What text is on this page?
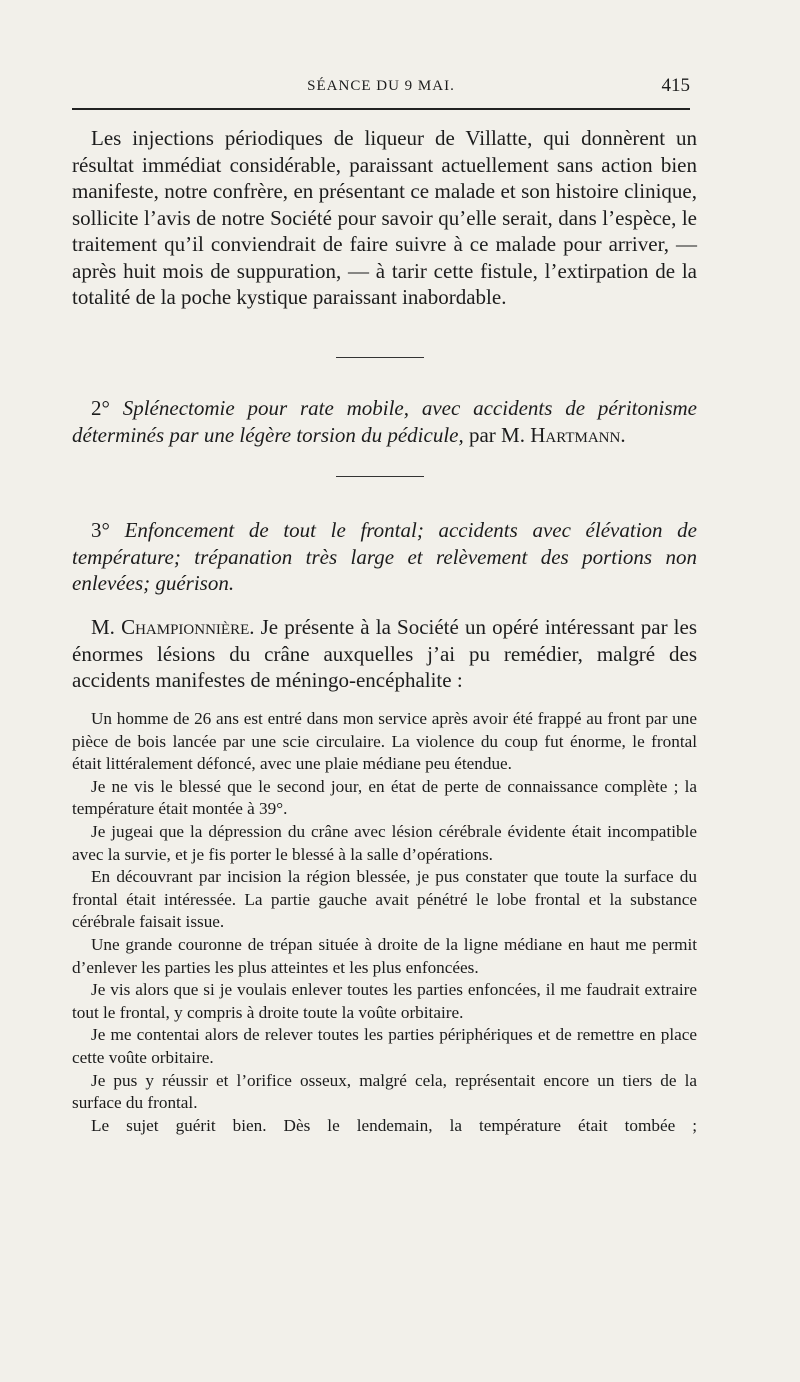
SÉANCE DU 9 MAI.	415

Les injections périodiques de liqueur de Villatte, qui donnèrent un résultat immédiat considérable, paraissant actuellement sans action bien manifeste, notre confrère, en présentant ce malade et son histoire clinique, sollicite l’avis de notre Société pour savoir qu’elle serait, dans l’espèce, le traitement qu’il conviendrait de faire suivre à ce malade pour arriver, — après huit mois de suppuration, — à tarir cette fistule, l’extirpation de la totalité de la poche kystique paraissant inabordable.

2° Splénectomie pour rate mobile, avec accidents de péritonisme déterminés par une légère torsion du pédicule, par M. Hartmann.

3° Enfoncement de tout le frontal; accidents avec élévation de température; trépanation très large et relèvement des portions non enlevées; guérison.

M. Championnière. Je présente à la Société un opéré intéressant par les énormes lésions du crâne auxquelles j’ai pu remédier, malgré des accidents manifestes de méningo-encéphalite :

Un homme de 26 ans est entré dans mon service après avoir été frappé au front par une pièce de bois lancée par une scie circulaire. La violence du coup fut énorme, le frontal était littéralement défoncé, avec une plaie médiane peu étendue.

Je ne vis le blessé que le second jour, en état de perte de connaissance complète ; la température était montée à 39°.

Je jugeai que la dépression du crâne avec lésion cérébrale évidente était incompatible avec la survie, et je fis porter le blessé à la salle d’opérations.

En découvrant par incision la région blessée, je pus constater que toute la surface du frontal était intéressée. La partie gauche avait pénétré le lobe frontal et la substance cérébrale faisait issue.

Une grande couronne de trépan située à droite de la ligne médiane en haut me permit d’enlever les parties les plus atteintes et les plus enfoncées.

Je vis alors que si je voulais enlever toutes les parties enfoncées, il me faudrait extraire tout le frontal, y compris à droite toute la voûte orbitaire.

Je me contentai alors de relever toutes les parties périphériques et de remettre en place cette voûte orbitaire.

Je pus y réussir et l’orifice osseux, malgré cela, représentait encore un tiers de la surface du frontal.

Le sujet guérit bien. Dès le lendemain, la température était tombée ;
